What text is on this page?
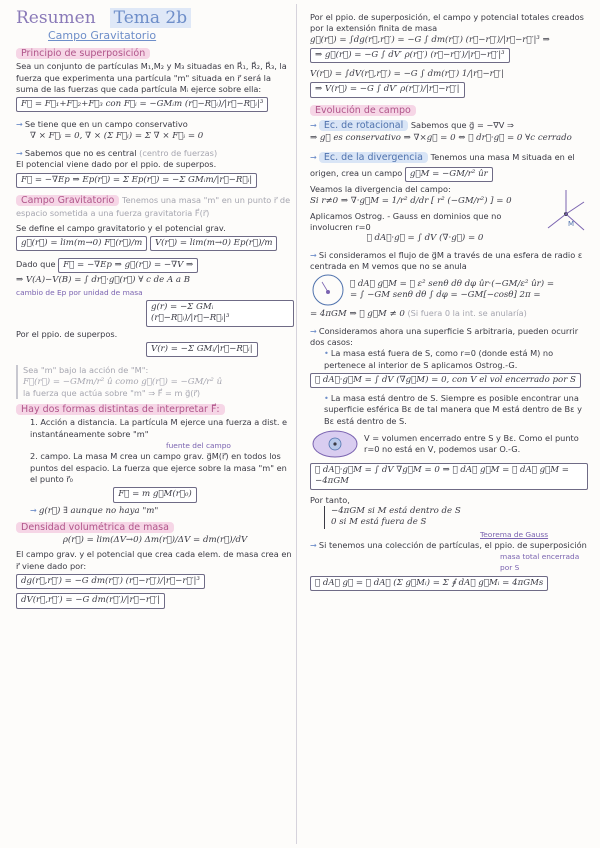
Resumen Tema 2b
Campo Gravitatorio
Principio de superposición
Sea un conjunto de partículas M₁,M₂ y M₃ situadas en R⃗₁, R⃗₂, R⃗₃, la fuerza que experimenta una partícula "m" situada en r⃗ será la suma de las fuerzas que cada partícula Mᵢ ejerce sobre ella:
F⃗ = F⃗₁+F⃗₂+F⃗₃ con F⃗ᵢ = −GMᵢm (r⃗−R⃗ᵢ)/|r⃗−R⃗ᵢ|³
➞ Se tiene que en un campo conservativo
∇ × F⃗ᵢ = 0, ∇ × (Σ F⃗ᵢ) = Σ ∇ × F⃗ᵢ = 0
➞ Sabemos que no es central (centro de fuerzas)
El potencial viene dado por el ppio. de superpos.
F⃗ = −∇Ep ⇒ Ep(r⃗) = Σ Ep(r⃗) = −Σ GMᵢm/|r⃗−R⃗ᵢ|
Campo Gravitatorio Tenemos una masa "m" en un punto r⃗ de espacio sometida a una fuerza gravitatoria F⃗(r⃗)
Se define el campo gravitatorio y el potencial grav.
g⃗(r⃗) = lim(m→0) F⃗(r⃗)/m V(r⃗) = lim(m→0) Ep(r⃗)/m
Dado que F⃗ = −∇Ep ⇒ g⃗(r⃗) = −∇V ⇒
⇒ V(A)−V(B) = ∫ dr⃗·g⃗(r⃗) ∀ c de A a B
cambio de Ep por unidad de masa
g(r) = −Σ GMᵢ (r⃗−R⃗ᵢ)/|r⃗−R⃗ᵢ|³
Por el ppio. de superpos.
V(r) = −Σ GMᵢ/|r⃗−R⃗ᵢ|
Sea "m" bajo la acción de "M":
F⃗(r⃗) = −GMm/r² û como g⃗(r⃗) = −GM/r² û
la fuerza que actúa sobre "m" ⇒ F⃗ = m g⃗(r⃗)
Hay dos formas distintas de interpretar F⃗:
1. Acción a distancia. La partícula M ejerce una fuerza a dist. e instantáneamente sobre "m"
fuente del campo
2. campo. La masa M crea un campo grav. g⃗M(r⃗) en todos los puntos del espacio. La fuerza que ejerce sobre la masa "m" en el punto r⃗₀
F⃗ = m g⃗M(r⃗₀)
➞ g(r⃗) ∃ aunque no haya "m"
Densidad volumétrica de masa
ρ(r⃗) = lim(ΔV→0) Δm(r⃗)/ΔV = dm(r⃗)/dV
El campo grav. y el potencial que crea cada elem. de masa crea en r⃗ viene dado por:
dg(r⃗,r⃗′) = −G dm(r⃗′) (r⃗−r⃗′)/|r⃗−r⃗′|³ dV(r⃗,r⃗′) = −G dm(r⃗′)/|r⃗−r⃗′|
Por el ppio. de superposición, el campo y potencial totales creados por la extensión finita de masa
g⃗(r⃗) = ∫dg(r⃗,r⃗′) = −G ∫ dm(r⃗′) (r⃗−r⃗′)/|r⃗−r⃗′|³ ⇒
⇒ g⃗(r⃗) = −G ∫ dV′ ρ(r⃗′) (r⃗−r⃗′)/|r⃗−r⃗′|³
V(r⃗) = ∫dV(r⃗,r⃗′) = −G ∫ dm(r⃗′) 1/|r⃗−r⃗′|
⇒ V(r⃗) = −G ∫ dV′ ρ(r⃗′)/|r⃗−r⃗′|
Evolución de campo
➞ Ec. de rotacional Sabemos que g⃗ = −∇V ⇒
⇒ g⃗ es conservativo ⇒ ∇×g⃗ = 0 ⇔ ∮ dr⃗·g⃗ = 0 ∀c cerrado
➞ Ec. de la divergencia Tenemos una masa M situada en el origen, crea un campo g⃗M = −GM/r² ûr
Veamos la divergencia del campo:
Si r≠0 ⇒ ∇·g⃗M = 1/r² d/dr [ r² (−GM/r²) ] = 0
Aplicamos Ostrog. - Gauss en dominios que no involucren r=0
∮ dA⃗·g⃗ = ∫ dV (∇·g⃗) = 0
M
➞ Si consideramos el flujo de g⃗M a través de una esfera de radio ε centrada en M vemos que no se anula
∮ dA⃗ g⃗M = ∮ ε² senθ dθ dφ ûr·(−GM/ε² ûr) =
= ∫ −GM senθ dθ ∫ dφ = −GM[−cosθ] 2π =
= 4πGM ⇒ ∮ g⃗M ≠ 0 (Si fuera 0 la int. se anularía)
➞ Consideramos ahora una superficie S arbitraria, pueden ocurrir dos casos:
• La masa está fuera de S, como r=0 (donde está M) no pertenece al interior de S aplicamos Ostrog.-G.
∮ dA⃗·g⃗M = ∫ dV (∇g⃗M) = 0, con V el vol encerrado por S
• La masa está dentro de S. Siempre es posible encontrar una superficie esférica Bε de tal manera que M está dentro de Bε y Bε está dentro de S.
V = volumen encerrado entre S y Bε. Como el punto r=0 no está en V, podemos usar O.-G.
∮ dA⃗·g⃗M = ∫ dV ∇g⃗M = 0 ⇒ ∮ dA⃗ g⃗M = ∮ dA⃗ g⃗M = −4πGM
Por tanto,
−4πGM si M está dentro de S
0 si M está fuera de S
Teorema de Gauss
➞ Si tenemos una colección de partículas, el ppio. de superposición
masa total encerrada por S
∮ dA⃗ g⃗ = ∮ dA⃗ (Σ g⃗Mᵢ) = Σ ∮ dA⃗ g⃗Mᵢ = 4πGMs
